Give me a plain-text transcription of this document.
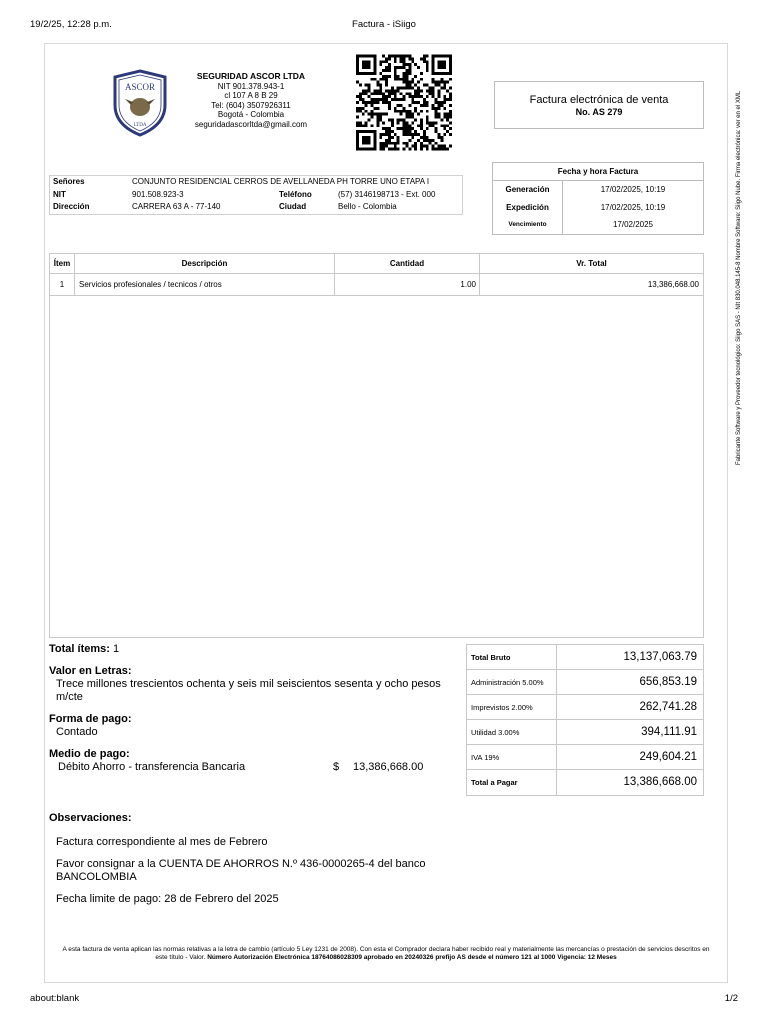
19/2/25, 12:28 p.m.	Factura - iSiigo
ASCOR
LTDA
SEGURIDAD ASCOR LTDA
NIT 901.378.943-1
cl 107 A 8 B 29
Tel: (604) 3507926311
Bogotá - Colombia
seguridadascorltda@gmail.com
Factura electrónica de venta
No. AS 279
Fecha y hora Factura
Generación	17/02/2025, 10:19
Expedición	17/02/2025, 10:19
Vencimiento	17/02/2025
Señores	CONJUNTO RESIDENCIAL CERROS DE AVELLANEDA PH TORRE UNO ETAPA I
NIT	901.508.923-3	Teléfono	(57) 3146198713 - Ext. 000
Dirección	CARRERA 63 A - 77-140	Ciudad	Bello - Colombia
Ítem	Descripción	Cantidad	Vr. Total
1	Servicios profesionales / tecnicos / otros	1.00	13,386,668.00
Total ítems: 1
Valor en Letras:
Trece millones trescientos ochenta y seis mil seiscientos sesenta y ocho pesos m/cte
Forma de pago:
Contado
Medio de pago:
Débito Ahorro - transferencia Bancaria	$	13,386,668.00
Total Bruto	13,137,063.79
Administración 5.00%	656,853.19
Imprevistos 2.00%	262,741.28
Utilidad 3.00%	394,111.91
IVA 19%	249,604.21
Total a Pagar	13,386,668.00
Observaciones:

Factura correspondiente al mes de Febrero

Favor consignar a la CUENTA DE AHORROS N.º 436-0000265-4 del banco BANCOLOMBIA

Fecha limite de pago: 28 de Febrero del 2025

A esta factura de venta aplican las normas relativas a la letra de cambio (artículo 5 Ley 1231 de 2008). Con esta el Comprador declara haber recibido real y materialmente las mercancías o prestación de servicios descritos en este título - Valor. Número Autorización Electrónica 18764086028309 aprobado en 20240326 prefijo AS desde el número 121 al 1000 Vigencia: 12 Meses
Fabricante Software y Proveedor tecnológico: Siigo SAS - NIt 830.048.145-8 Nombre Software: Siigo Nube. Firma electrónica: ver en el XML
about:blank	1/2
